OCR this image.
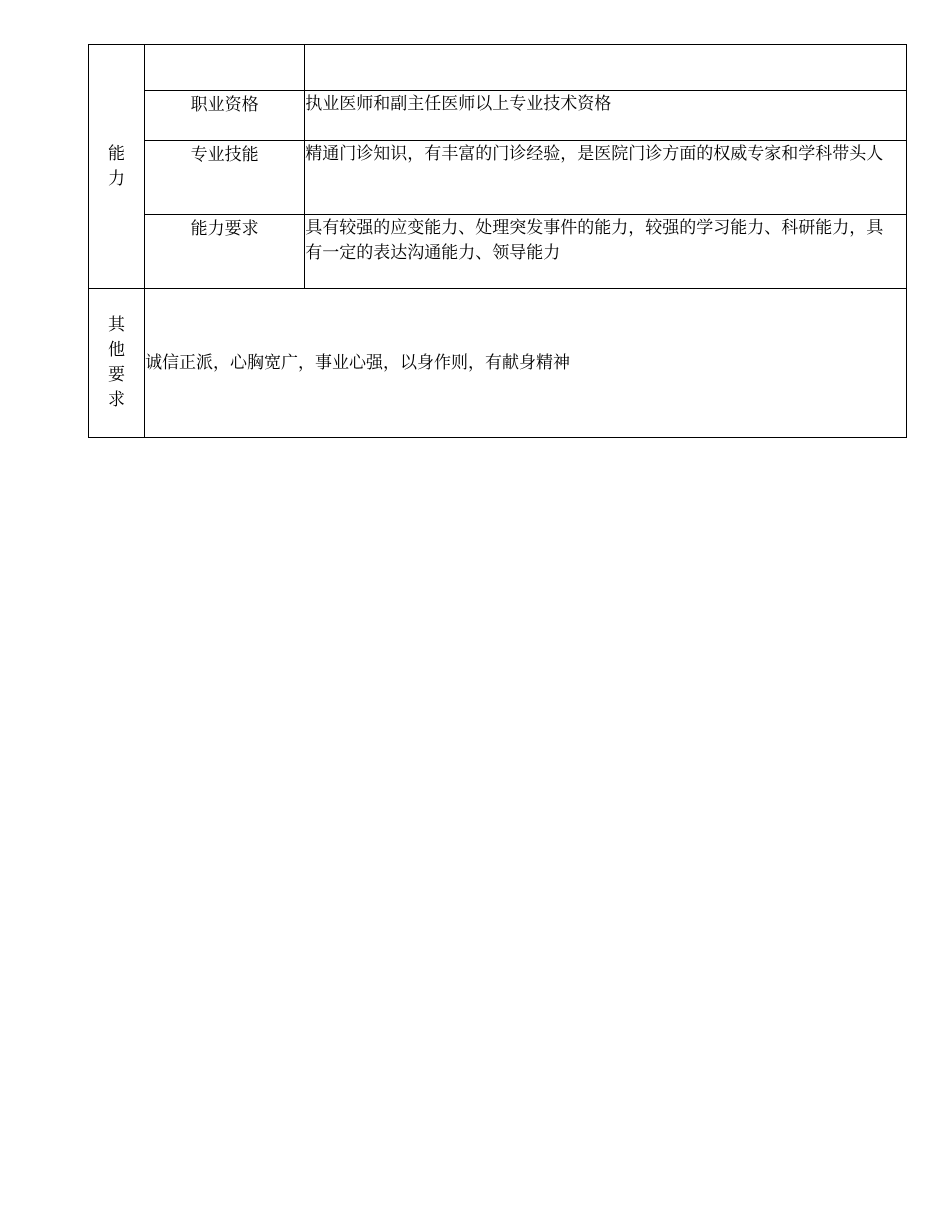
能力		
	职业资格	执业医师和副主任医师以上专业技术资格
	专业技能	精通门诊知识，有丰富的门诊经验，是医院门诊方面的权威专家和学科带头人
	能力要求	具有较强的应变能力、处理突发事件的能力，较强的学习能力、科研能力，具有一定的表达沟通能力、领导能力
其他要求	诚信正派，心胸宽广，事业心强，以身作则，有献身精神	
